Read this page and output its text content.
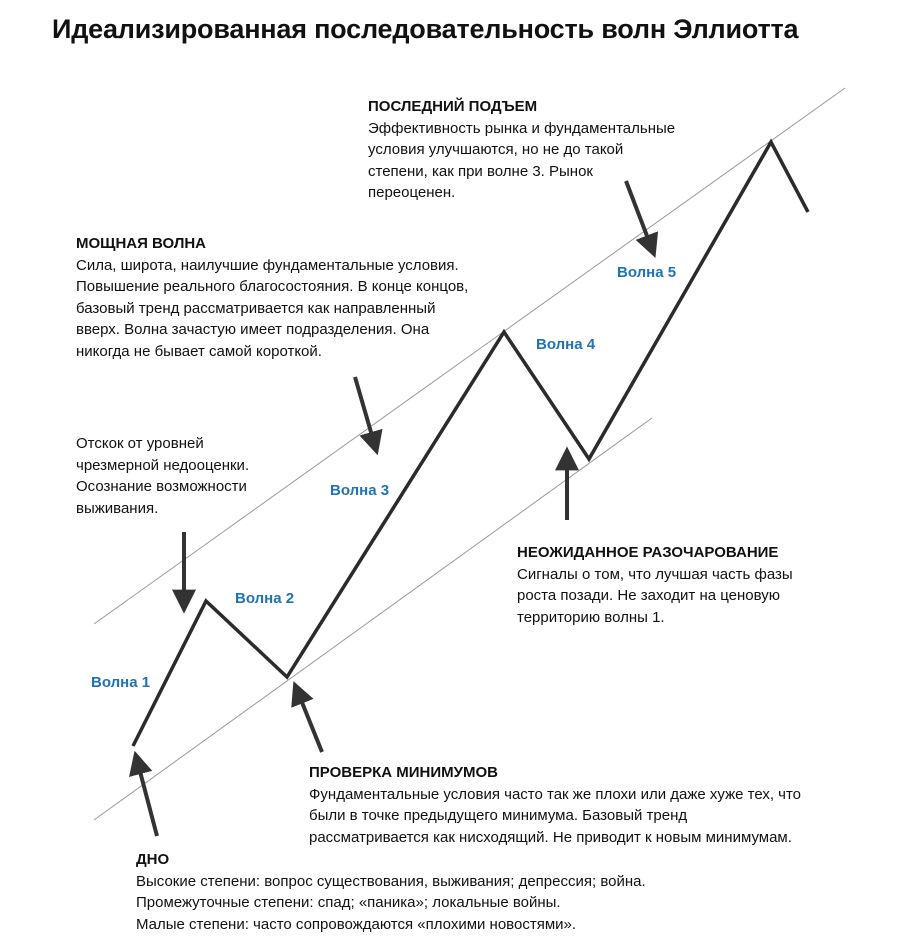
Идеализированная последовательность волн Эллиотта
Волна 1
Волна 2
Волна 3
Волна 4
Волна 5
ПОСЛЕДНИЙ ПОДЪЕМ
Эффективность рынка и фундаментальные
условия улучшаются, но не до такой
степени, как при волне 3. Рынок
переоценен.
МОЩНАЯ ВОЛНА
Сила, широта, наилучшие фундаментальные условия.
Повышение реального благосостояния. В конце концов,
базовый тренд рассматривается как направленный
вверх. Волна зачастую имеет подразделения. Она
никогда не бывает самой короткой.
Отскок от уровней
чрезмерной недооценки.
Осознание возможности
выживания.
НЕОЖИДАННОЕ РАЗОЧАРОВАНИЕ
Сигналы о том, что лучшая часть фазы
роста позади. Не заходит на ценовую
территорию волны 1.
ПРОВЕРКА МИНИМУМОВ
Фундаментальные условия часто так же плохи или даже хуже тех, что
были в точке предыдущего минимума. Базовый тренд
рассматривается как нисходящий. Не приводит к новым минимумам.
ДНО
Высокие степени: вопрос существования, выживания; депрессия; война.
Промежуточные степени: спад; «паника»; локальные войны.
Малые степени: часто сопровождаются «плохими новостями».
